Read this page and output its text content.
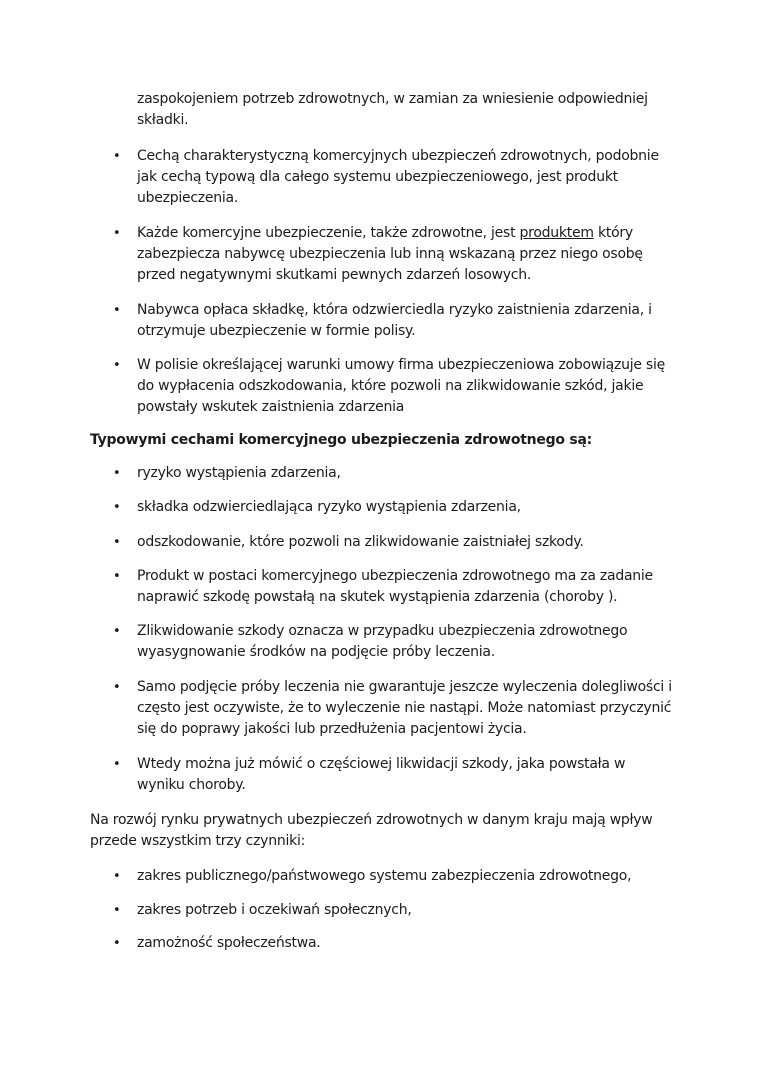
zaspokojeniem potrzeb zdrowotnych, w zamian za wniesienie odpowiedniej
składki.
•	Cechą charakterystyczną komercyjnych ubezpieczeń zdrowotnych, podobnie
jak cechą typową dla całego systemu ubezpieczeniowego, jest produkt
ubezpieczenia.
•	Każde komercyjne ubezpieczenie, także zdrowotne, jest produktem który
zabezpiecza nabywcę ubezpieczenia lub inną wskazaną przez niego osobę
przed negatywnymi skutkami pewnych zdarzeń losowych.
•	Nabywca opłaca składkę, która odzwierciedla ryzyko zaistnienia zdarzenia, i
otrzymuje ubezpieczenie w formie polisy.
•	W polisie określającej warunki umowy firma ubezpieczeniowa zobowiązuje się
do wypłacenia odszkodowania, które pozwoli na zlikwidowanie szkód, jakie
powstały wskutek zaistnienia zdarzenia
Typowymi cechami komercyjnego ubezpieczenia zdrowotnego są:
•	ryzyko wystąpienia zdarzenia,
•	składka odzwierciedlająca ryzyko wystąpienia zdarzenia,
•	odszkodowanie, które pozwoli na zlikwidowanie zaistniałej szkody.
•	Produkt w postaci komercyjnego ubezpieczenia zdrowotnego ma za zadanie
naprawić szkodę powstałą na skutek wystąpienia zdarzenia (choroby ).
•	Zlikwidowanie szkody oznacza w przypadku ubezpieczenia zdrowotnego
wyasygnowanie środków na podjęcie próby leczenia.
•	Samo podjęcie próby leczenia nie gwarantuje jeszcze wyleczenia dolegliwości i
często jest oczywiste, że to wyleczenie nie nastąpi. Może natomiast przyczynić
się do poprawy jakości lub przedłużenia pacjentowi życia.
•	Wtedy można już mówić o częściowej likwidacji szkody, jaka powstała w
wyniku choroby.
Na rozwój rynku prywatnych ubezpieczeń zdrowotnych w danym kraju mają wpływ
przede wszystkim trzy czynniki:
•	zakres publicznego/państwowego systemu zabezpieczenia zdrowotnego,
•	zakres potrzeb i oczekiwań społecznych,
•	zamożność społeczeństwa.
